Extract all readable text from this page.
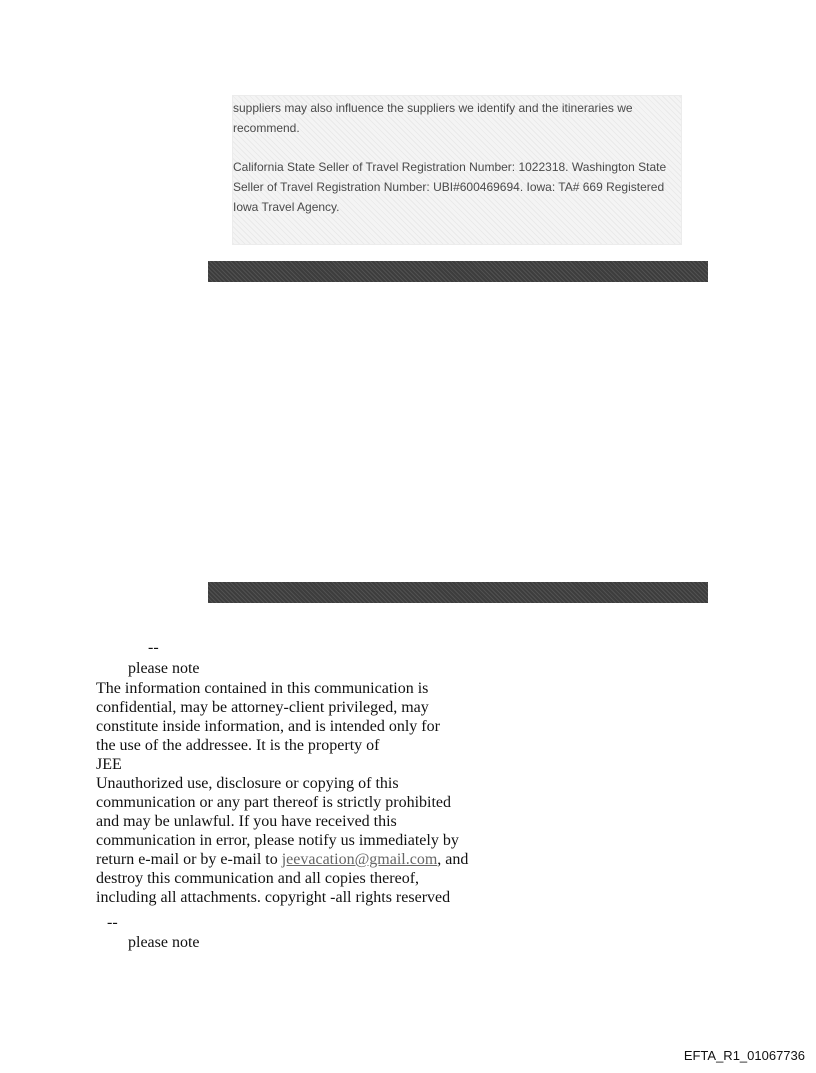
suppliers may also influence the suppliers we identify and the itineraries we recommend.

California State Seller of Travel Registration Number: 1022318. Washington State Seller of Travel Registration Number: UBI#600469694. Iowa: TA# 669 Registered Iowa Travel Agency.

--

please note

The information contained in this communication is
confidential, may be attorney-client privileged, may
constitute inside information, and is intended only for
the use of the addressee. It is the property of
JEE
Unauthorized use, disclosure or copying of this
communication or any part thereof is strictly prohibited
and may be unlawful. If you have received this
communication in error, please notify us immediately by
return e-mail or by e-mail to jeevacation@gmail.com, and
destroy this communication and all copies thereof,
including all attachments. copyright -all rights reserved

--

please note

EFTA_R1_01067736
